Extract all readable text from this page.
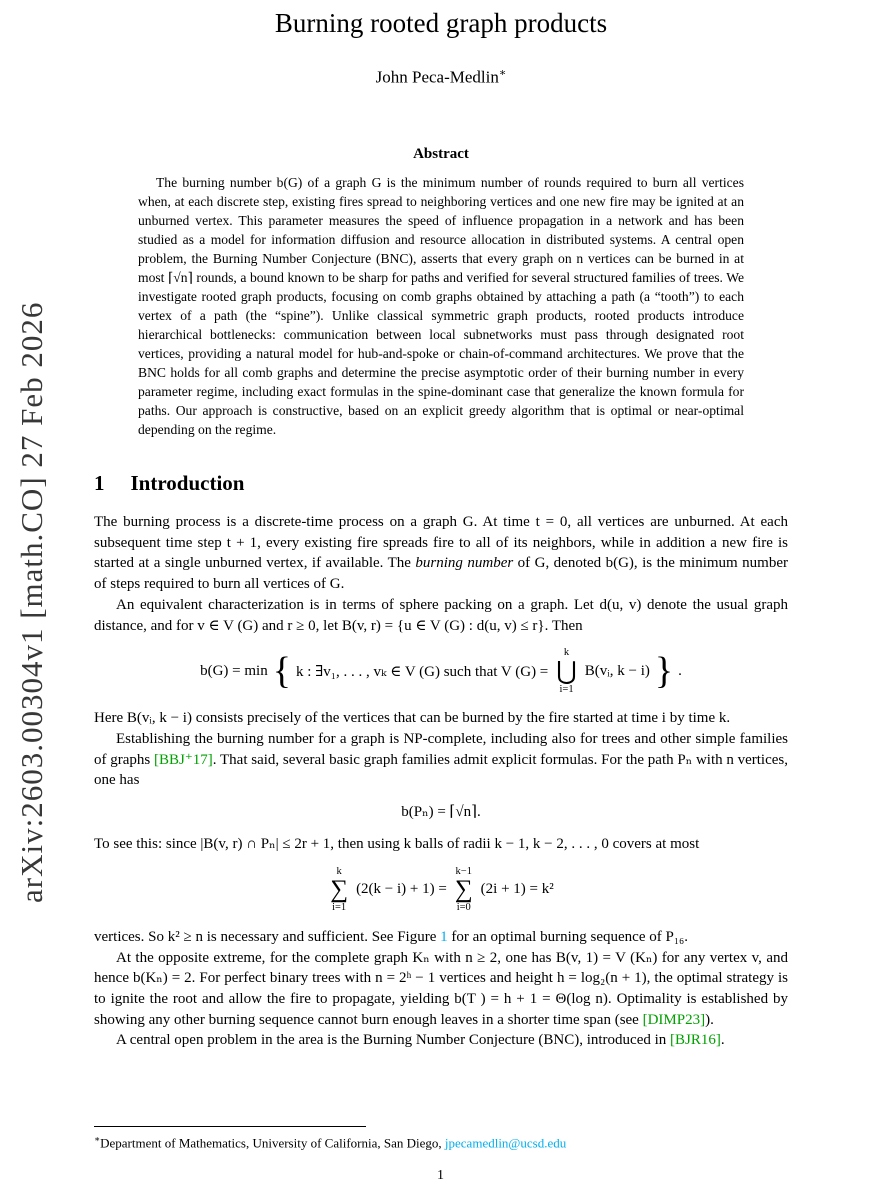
arXiv:2603.00304v1 [math.CO] 27 Feb 2026
Burning rooted graph products
John Peca-Medlin∗
Abstract

The burning number b(G) of a graph G is the minimum number of rounds required to burn all vertices when, at each discrete step, existing fires spread to neighboring vertices and one new fire may be ignited at an unburned vertex. This parameter measures the speed of influence propagation in a network and has been studied as a model for information diffusion and resource allocation in distributed systems. A central open problem, the Burning Number Conjecture (BNC), asserts that every graph on n vertices can be burned in at most ⌈√n⌉ rounds, a bound known to be sharp for paths and verified for several structured families of trees. We investigate rooted graph products, focusing on comb graphs obtained by attaching a path (a “tooth”) to each vertex of a path (the “spine”). Unlike classical symmetric graph products, rooted products introduce hierarchical bottlenecks: communication between local subnetworks must pass through designated root vertices, providing a natural model for hub-and-spoke or chain-of-command architectures. We prove that the BNC holds for all comb graphs and determine the precise asymptotic order of their burning number in every parameter regime, including exact formulas in the spine-dominant case that generalize the known formula for paths. Our approach is constructive, based on an explicit greedy algorithm that is optimal or near-optimal depending on the regime.

1 Introduction

The burning process is a discrete-time process on a graph G. At time t = 0, all vertices are unburned. At each subsequent time step t + 1, every existing fire spreads fire to all of its neighbors, while in addition a new fire is started at a single unburned vertex, if available. The burning number of G, denoted b(G), is the minimum number of steps required to burn all vertices of G.

An equivalent characterization is in terms of sphere packing on a graph. Let d(u, v) denote the usual graph distance, and for v ∈ V (G) and r ≥ 0, let B(v, r) = {u ∈ V (G) : d(u, v) ≤ r}. Then

b(G) = min { k : ∃v₁, . . . , vₖ ∈ V (G) such that V (G) =
k
⋃
i=1
B(vᵢ, k − i) } .

Here B(vᵢ, k − i) consists precisely of the vertices that can be burned by the fire started at time i by time k.

Establishing the burning number for a graph is NP-complete, including also for trees and other simple families of graphs [BBJ⁺17]. That said, several basic graph families admit explicit formulas. For the path Pₙ with n vertices, one has

b(Pₙ) = ⌈√n⌉.

To see this: since |B(v, r) ∩ Pₙ| ≤ 2r + 1, then using k balls of radii k − 1, k − 2, . . . , 0 covers at most

k
∑
i=1
(2(k − i) + 1) =
k−1
∑
i=0
(2i + 1) = k²

vertices. So k² ≥ n is necessary and sufficient. See Figure 1 for an optimal burning sequence of P₁₆.

At the opposite extreme, for the complete graph Kₙ with n ≥ 2, one has B(v, 1) = V (Kₙ) for any vertex v, and hence b(Kₙ) = 2. For perfect binary trees with n = 2ʰ − 1 vertices and height h = log₂(n + 1), the optimal strategy is to ignite the root and allow the fire to propagate, yielding b(T ) = h + 1 = Θ(log n). Optimality is established by showing any other burning sequence cannot burn enough leaves in a shorter time span (see [DIMP23]).

A central open problem in the area is the Burning Number Conjecture (BNC), introduced in [BJR16].

∗Department of Mathematics, University of California, San Diego, jpecamedlin@ucsd.edu

1
